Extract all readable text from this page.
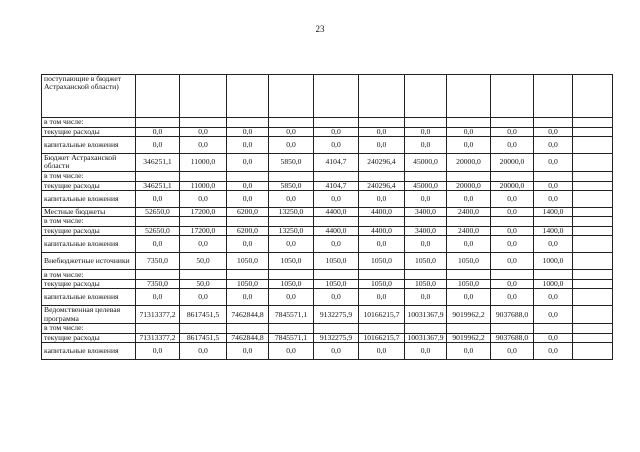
23
поступающие в бюджет Астраханской области)											
в том числе:											
текущие расходы	0,0	0,0	0,0	0,0	0,0	0,0	0,0	0,0	0,0	0,0	
капитальные вложения	0,0	0,0	0,0	0,0	0,0	0,0	0,0	0,0	0,0	0,0	
Бюджет Астраханской области	346251,1	11000,0	0,0	5850,0	4104,7	240296,4	45000,0	20000,0	20000,0	0,0	
в том числе:											
текущие расходы	346251,1	11000,0	0,0	5850,0	4104,7	240296,4	45000,0	20000,0	20000,0	0,0	
капитальные вложения	0,0	0,0	0,0	0,0	0,0	0,0	0,0	0,0	0,0	0,0	
Местные бюджеты	52650,0	17200,0	6200,0	13250,0	4400,0	4400,0	3400,0	2400,0	0,0	1400,0	
в том числе:											
текущие расходы	52650,0	17200,0	6200,0	13250,0	4400,0	4400,0	3400,0	2400,0	0,0	1400,0	
капитальные вложения	0,0	0,0	0,0	0,0	0,0	0,0	0,0	0,0	0,0	0,0	
Внебюджетные источники	7350,0	50,0	1050,0	1050,0	1050,0	1050,0	1050,0	1050,0	0,0	1000,0	
в том числе:											
текущие расходы	7350,0	50,0	1050,0	1050,0	1050,0	1050,0	1050,0	1050,0	0,0	1000,0	
капитальные вложения	0,0	0,0	0,0	0,0	0,0	0,0	0,0	0,0	0,0	0,0	
Ведомственная целевая программа	71313377,2	8617451,5	7462844,8	7845571,1	9132275,9	10166215,7	10031367,9	9019962,2	9037688,0	0,0	
в том числе:											
текущие расходы	71313377,2	8617451,5	7462844,8	7845571,1	9132275,9	10166215,7	10031367,9	9019962,2	9037688,0	0,0	
капитальные вложения	0,0	0,0	0,0	0,0	0,0	0,0	0,0	0,0	0,0	0,0	
